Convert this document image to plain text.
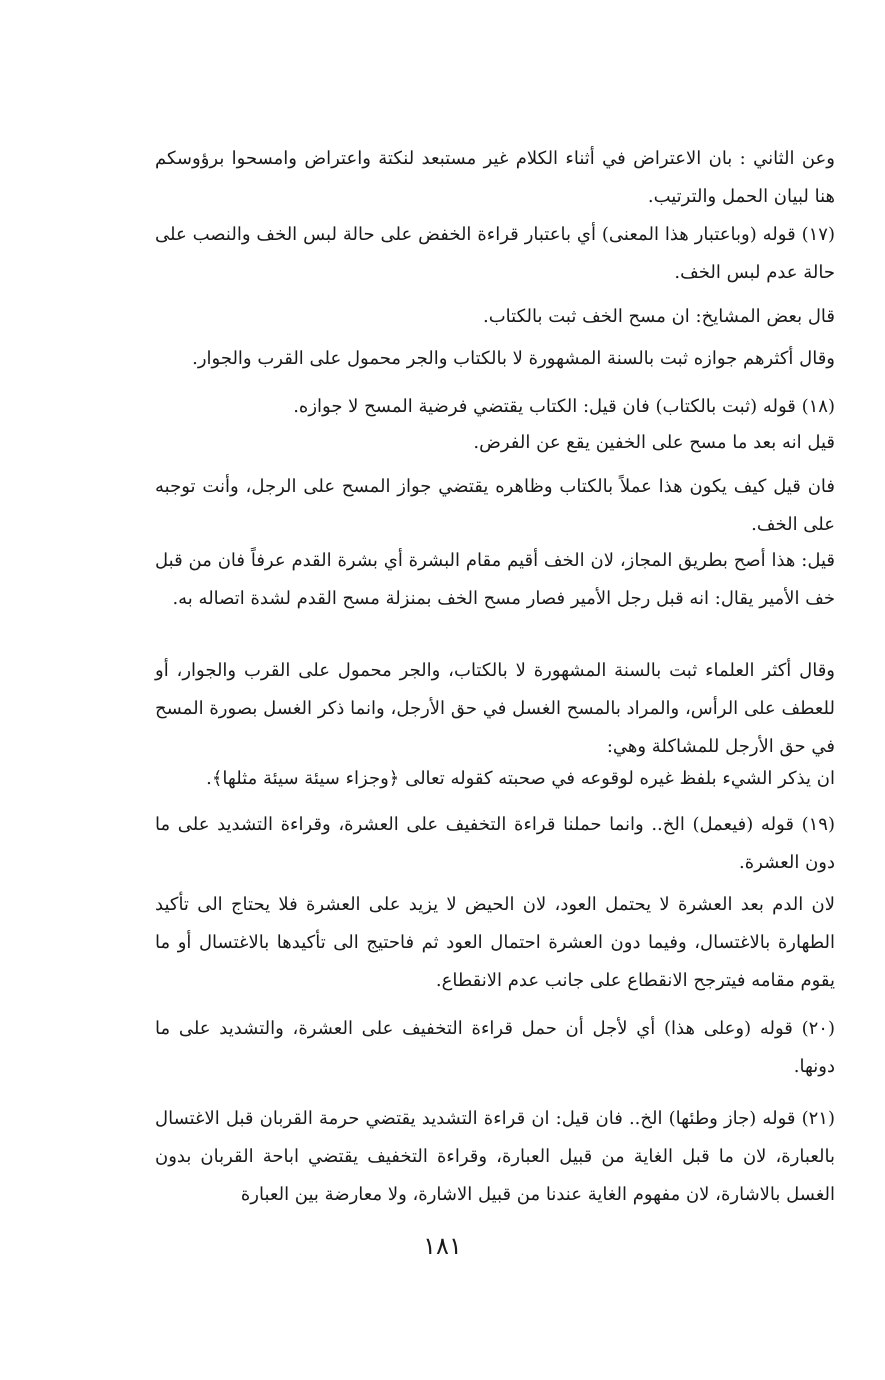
وعن الثاني : بان الاعتراض في أثناء الكلام غير مستبعد لنكتة واعتراض وامسحوا برؤوسكم هنا لبيان الحمل والترتيب.

(١٧) قوله (وباعتبار هذا المعنى) أي باعتبار قراءة الخفض على حالة لبس الخف والنصب على حالة عدم لبس الخف.

قال بعض المشايخ: ان مسح الخف ثبت بالكتاب.

وقال أكثرهم جوازه ثبت بالسنة المشهورة لا بالكتاب والجر محمول على القرب والجوار.

(١٨) قوله (ثبت بالكتاب) فان قيل: الكتاب يقتضي فرضية المسح لا جوازه.

قيل انه بعد ما مسح على الخفين يقع عن الفرض.

فان قيل كيف يكون هذا عملاً بالكتاب وظاهره يقتضي جواز المسح على الرجل، وأنت توجبه على الخف.

قيل: هذا أصح بطريق المجاز، لان الخف أقيم مقام البشرة أي بشرة القدم عرفاً فان من قبل خف الأمير يقال: انه قبل رجل الأمير فصار مسح الخف بمنزلة مسح القدم لشدة اتصاله به.

وقال أكثر العلماء ثبت بالسنة المشهورة لا بالكتاب، والجر محمول على القرب والجوار، أو للعطف على الرأس، والمراد بالمسح الغسل في حق الأرجل، وانما ذكر الغسل بصورة المسح في حق الأرجل للمشاكلة وهي:

ان يذكر الشيء بلفظ غيره لوقوعه في صحبته كقوله تعالى ﴿وجزاء سيئة سيئة مثلها﴾.

(١٩) قوله (فيعمل) الخ.. وانما حملنا قراءة التخفيف على العشرة، وقراءة التشديد على ما دون العشرة.

لان الدم بعد العشرة لا يحتمل العود، لان الحيض لا يزيد على العشرة فلا يحتاج الى تأكيد الطهارة بالاغتسال، وفيما دون العشرة احتمال العود ثم فاحتيج الى تأكيدها بالاغتسال أو ما يقوم مقامه فيترجح الانقطاع على جانب عدم الانقطاع.

(٢٠) قوله (وعلى هذا) أي لأجل أن حمل قراءة التخفيف على العشرة، والتشديد على ما دونها.

(٢١) قوله (جاز وطئها) الخ.. فان قيل: ان قراءة التشديد يقتضي حرمة القربان قبل الاغتسال بالعبارة، لان ما قبل الغاية من قبيل العبارة، وقراءة التخفيف يقتضي اباحة القربان بدون الغسل بالاشارة، لان مفهوم الغاية عندنا من قبيل الاشارة، ولا معارضة بين العبارة

١٨١
